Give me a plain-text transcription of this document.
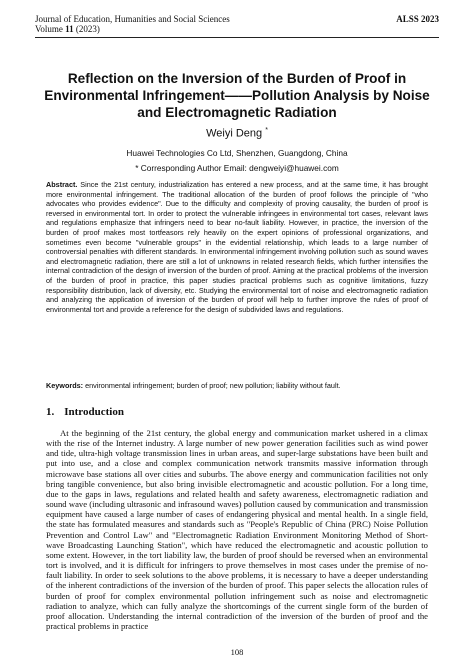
Journal of Education, Humanities and Social Sciences
Volume 11 (2023)
ALSS 2023
Reflection on the Inversion of the Burden of Proof in Environmental Infringement——Pollution Analysis by Noise and Electromagnetic Radiation
Weiyi Deng *
Huawei Technologies Co Ltd, Shenzhen, Guangdong, China
* Corresponding Author Email: dengweiyi@huawei.com
Abstract. Since the 21st century, industrialization has entered a new process, and at the same time, it has brought more environmental infringement. The traditional allocation of the burden of proof follows the principle of "who advocates who provides evidence". Due to the difficulty and complexity of proving causality, the burden of proof is reversed in environmental tort. In order to protect the vulnerable infringees in environmental tort cases, relevant laws and regulations emphasize that infringers need to bear no-fault liability. However, in practice, the inversion of the burden of proof makes most tortfeasors rely heavily on the expert opinions of professional organizations, and sometimes even become "vulnerable groups" in the evidential relationship, which leads to a large number of controversial penalties with different standards. In environmental infringement involving pollution such as sound waves and electromagnetic radiation, there are still a lot of unknowns in related research fields, which further intensifies the internal contradiction of the design of inversion of the burden of proof. Aiming at the practical problems of the inversion of the burden of proof in practice, this paper studies practical problems such as cognitive limitations, fuzzy responsibility distribution, lack of diversity, etc. Studying the environmental tort of noise and electromagnetic radiation and analyzing the application of inversion of the burden of proof will help to further improve the rules of proof of environmental tort and provide a reference for the design of subdivided laws and regulations.
Keywords: environmental infringement; burden of proof; new pollution; liability without fault.
1. Introduction
At the beginning of the 21st century, the global energy and communication market ushered in a climax with the rise of the Internet industry. A large number of new power generation facilities such as wind power and tide, ultra-high voltage transmission lines in urban areas, and super-large substations have been built and put into use, and a close and complex communication network transmits massive information through microwave base stations all over cities and suburbs. The above energy and communication facilities not only bring tangible convenience, but also bring invisible electromagnetic and acoustic pollution. For a long time, due to the gaps in laws, regulations and related health and safety awareness, electromagnetic radiation and sound wave (including ultrasonic and infrasound waves) pollution caused by communication and transmission equipment have caused a large number of cases of endangering physical and mental health. In a single field, the state has formulated measures and standards such as "People's Republic of China (PRC) Noise Pollution Prevention and Control Law" and "Electromagnetic Radiation Environment Monitoring Method of Short-wave Broadcasting Launching Station", which have reduced the electromagnetic and acoustic pollution to some extent. However, in the tort liability law, the burden of proof should be reversed when an environmental tort is involved, and it is difficult for infringers to prove themselves in most cases under the premise of no-fault liability. In order to seek solutions to the above problems, it is necessary to have a deeper understanding of the inherent contradictions of the inversion of the burden of proof. This paper selects the allocation rules of burden of proof for complex environmental pollution infringement such as noise and electromagnetic radiation to analyze, which can fully analyze the shortcomings of the current single form of the burden of proof allocation. Understanding the internal contradiction of the inversion of the burden of proof and the practical problems in practice
108
